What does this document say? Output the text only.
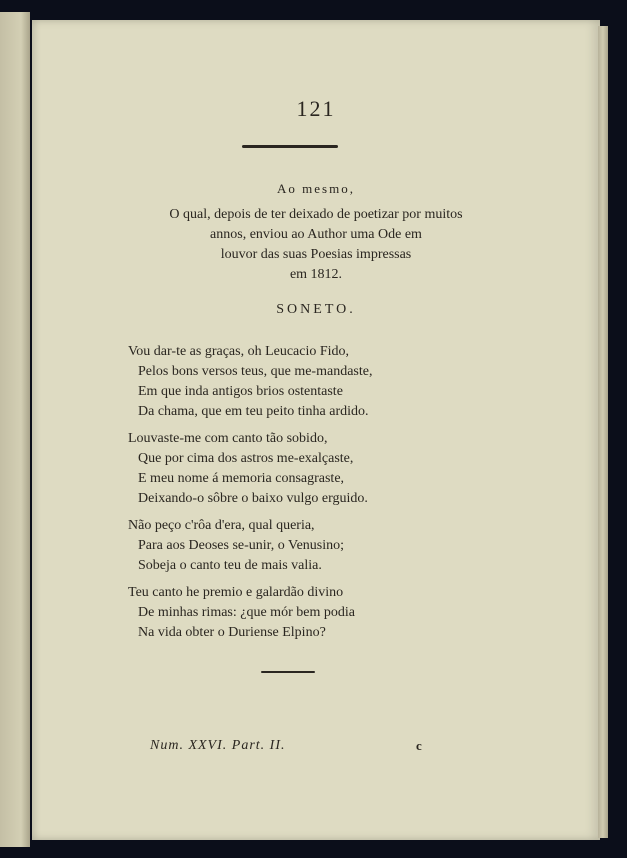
121
Ao mesmo,
O qual, depois de ter deixado de poetizar por muitos
annos, enviou ao Author uma Ode em
louvor das suas Poesias impressas
em 1812.
SONETO.
Vou dar-te as graças, oh Leucacio Fido,
Pelos bons versos teus, que me-mandaste,
Em que inda antigos brios ostentaste
Da chama, que em teu peito tinha ardido.
Louvaste-me com canto tão sobido,
Que por cima dos astros me-exalçaste,
E meu nome á memoria consagraste,
Deixando-o sôbre o baixo vulgo erguido.
Não peço c'rôa d'era, qual queria,
Para aos Deoses se-unir, o Venusino;
Sobeja o canto teu de mais valia.
Teu canto he premio e galardão divino
De minhas rimas: ¿que mór bem podia
Na vida obter o Duriense Elpino?
Num. XXVI. Part. II.	c
